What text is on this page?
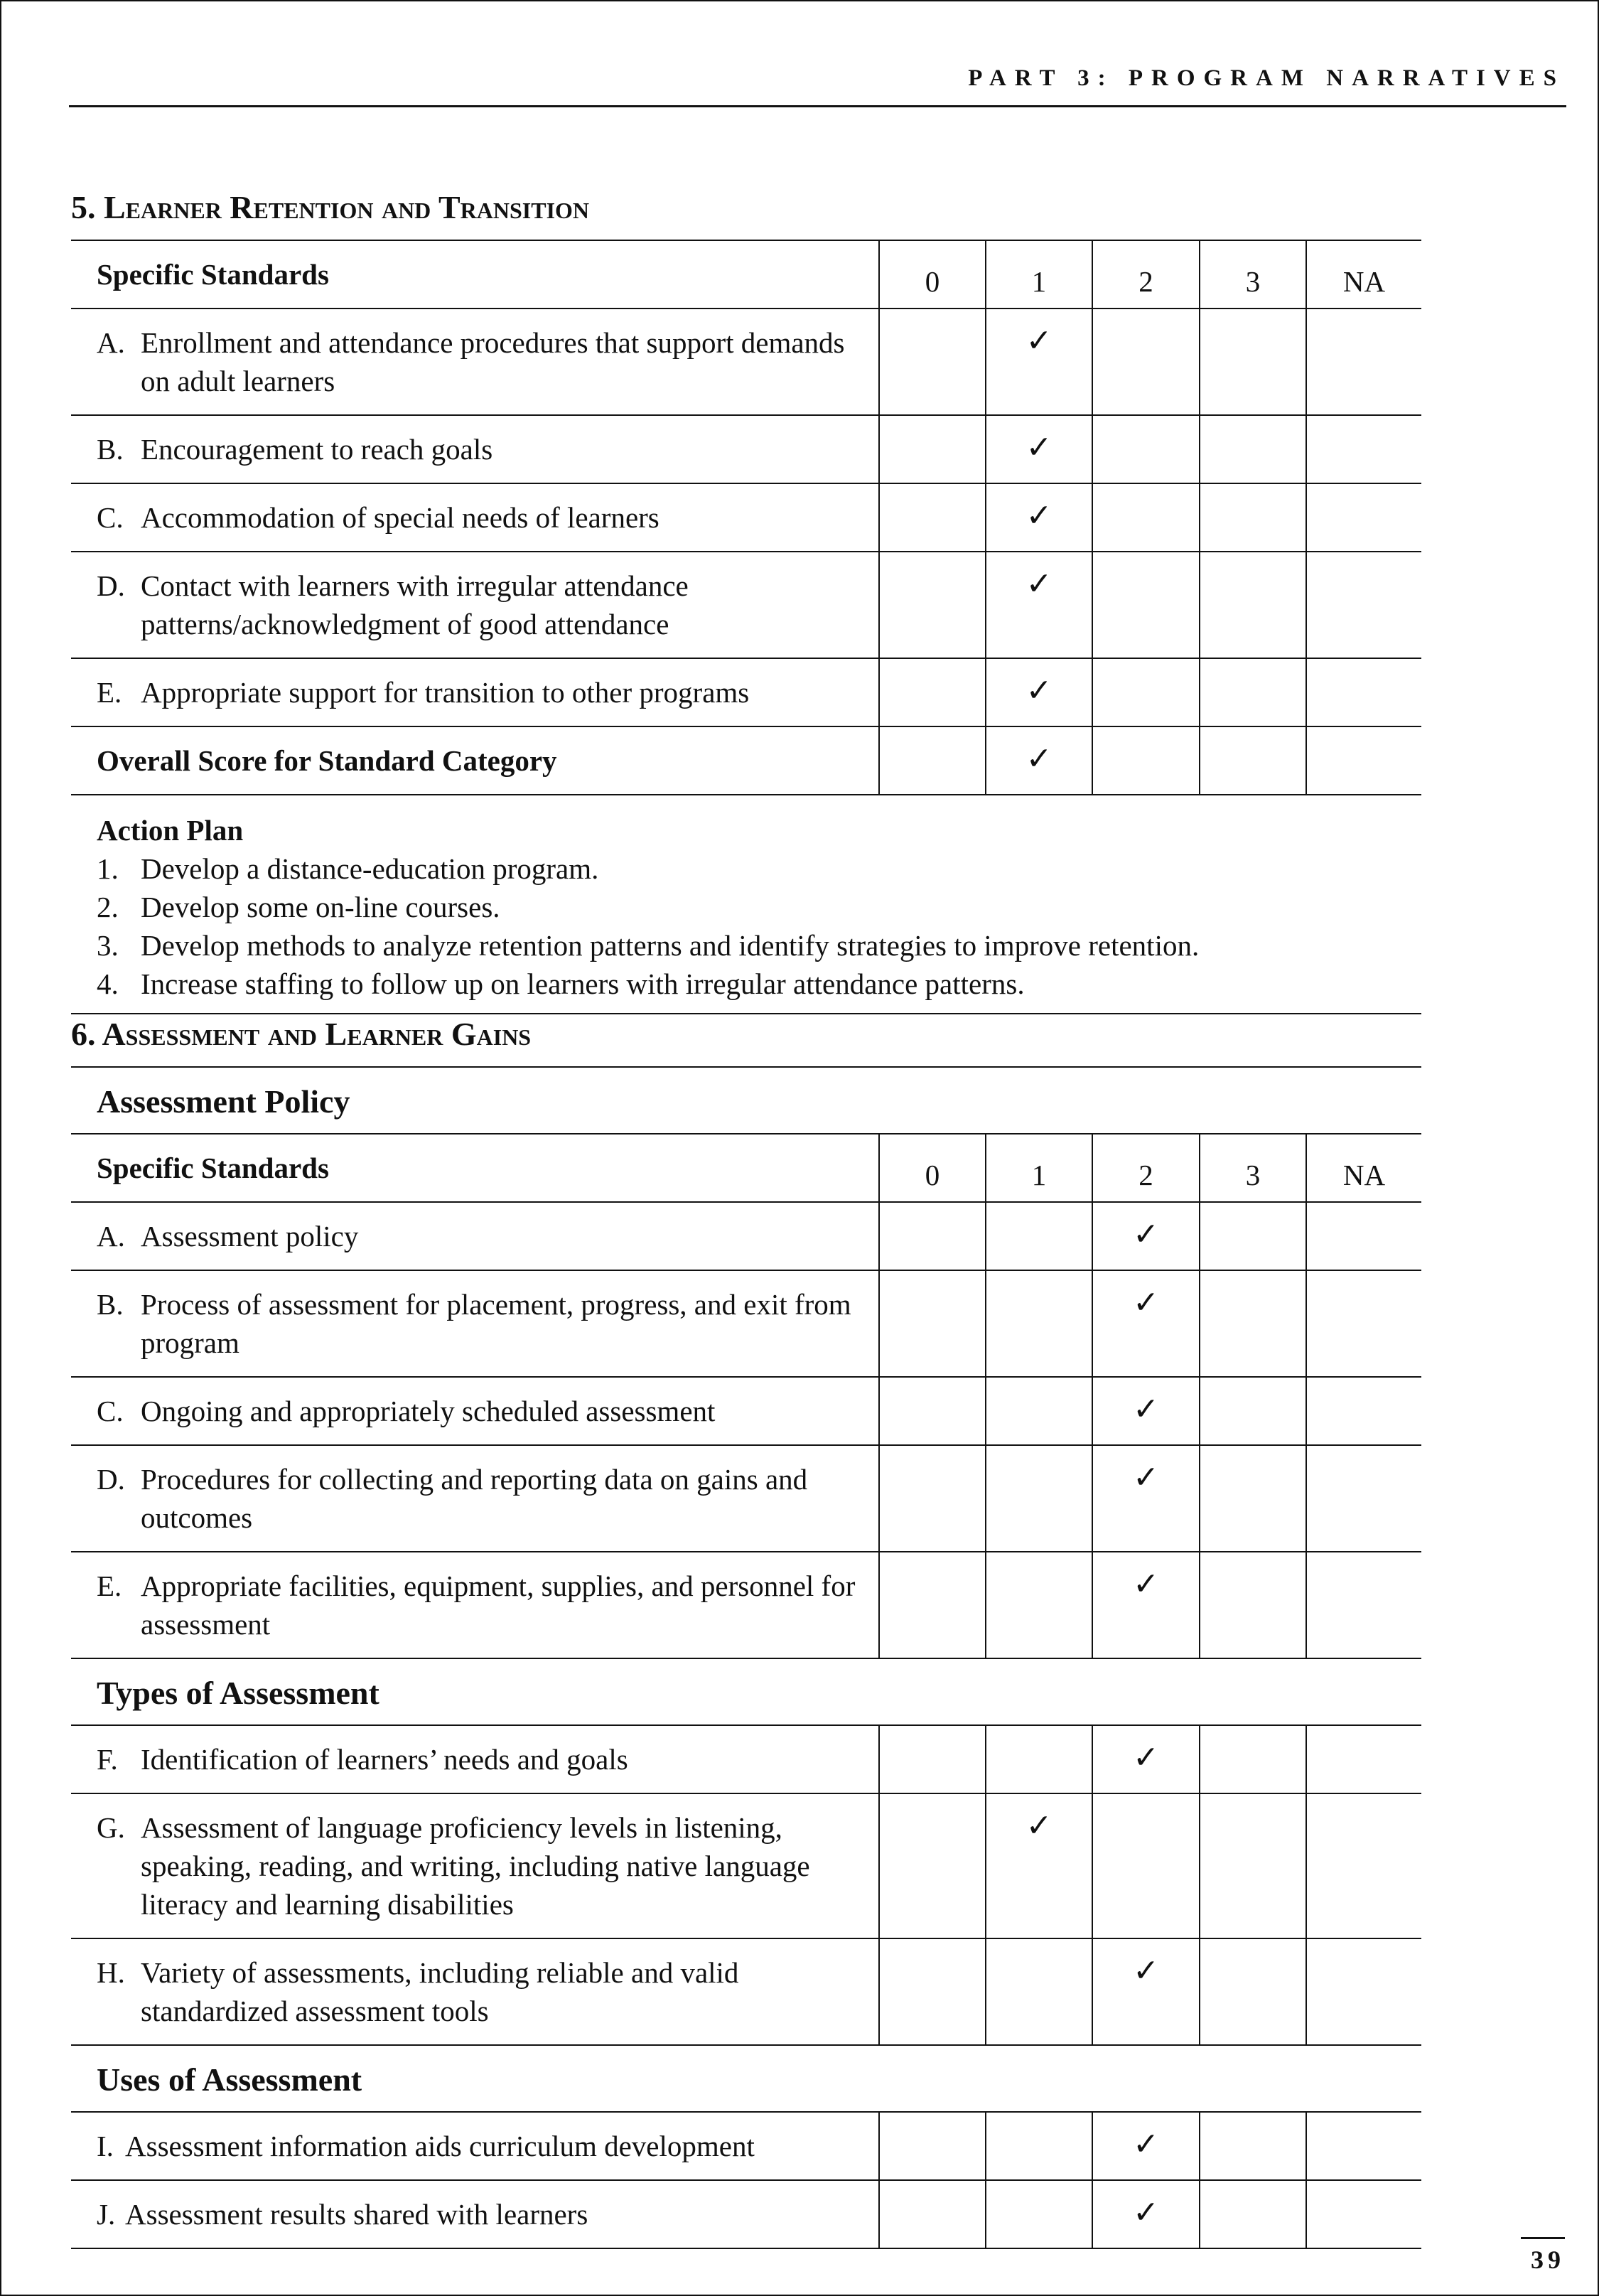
PART 3: PROGRAM NARRATIVES
5. Learner Retention and Transition
Specific Standards	0	1	2	3	NA

A. Enrollment and attendance procedures that support demands on adult learners		✓			

B. Encouragement to reach goals		✓			

C. Accommodation of special needs of learners		✓			

D. Contact with learners with irregular attendance patterns/acknowledgment of good attendance		✓			

E. Appropriate support for transition to other programs		✓			
Overall Score for Standard Category		✓			
Action Plan
1. Develop a distance-education program.
2. Develop some on-line courses.
3. Develop methods to analyze retention patterns and identify strategies to improve retention.
4. Increase staffing to follow up on learners with irregular attendance patterns.
6. Assessment and Learner Gains
Assessment Policy					
Specific Standards	0	1	2	3	NA

A. Assessment policy			✓		

B. Process of assessment for placement, progress, and exit from program			✓		

C. Ongoing and appropriately scheduled assessment			✓		

D. Procedures for collecting and reporting data on gains and outcomes			✓		

E. Appropriate facilities, equipment, supplies, and personnel for assessment			✓		
Types of Assessment					

F. Identification of learners’ needs and goals			✓		

G. Assessment of language proficiency levels in listening, speaking, reading, and writing, including native language literacy and learning disabilities		✓			

H. Variety of assessments, including reliable and valid standardized assessment tools			✓		
Uses of Assessment					

I. Assessment information aids curriculum development			✓		

J. Assessment results shared with learners			✓		
39
